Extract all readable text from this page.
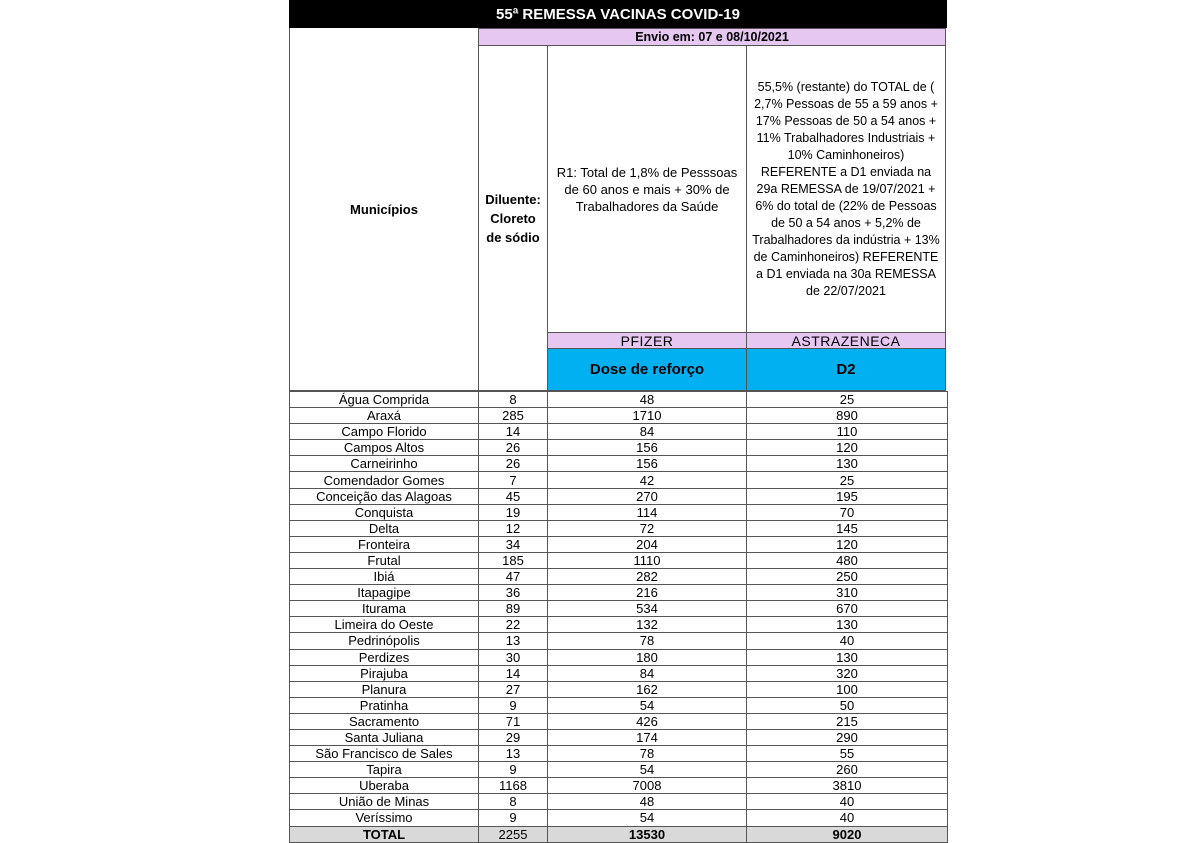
55ª REMESSA VACINAS COVID-19
Envio em: 07 e 08/10/2021
Municípios
Diluente:
Cloreto
de sódio
R1: Total de 1,8% de Pesssoas de 60 anos e mais + 30% de Trabalhadores da Saúde
55,5% (restante) do TOTAL de ( 2,7% Pessoas de 55 a 59 anos + 17% Pessoas de 50 a 54 anos + 11% Trabalhadores Industriais + 10% Caminhoneiros) REFERENTE a D1 enviada na 29a REMESSA de 19/07/2021 + 6% do total de (22% de Pessoas de 50 a 54 anos + 5,2% de Trabalhadores da indústria + 13% de Caminhoneiros) REFERENTE a D1 enviada na 30a REMESSA de 22/07/2021
PFIZER	ASTRAZENECA
Dose de reforço	D2
Água Comprida	8	48	25
Araxá	285	1710	890
Campo Florido	14	84	110
Campos Altos	26	156	120
Carneirinho	26	156	130
Comendador Gomes	7	42	25
Conceição das Alagoas	45	270	195
Conquista	19	114	70
Delta	12	72	145
Fronteira	34	204	120
Frutal	185	1110	480
Ibiá	47	282	250
Itapagipe	36	216	310
Iturama	89	534	670
Limeira do Oeste	22	132	130
Pedrinópolis	13	78	40
Perdizes	30	180	130
Pirajuba	14	84	320
Planura	27	162	100
Pratinha	9	54	50
Sacramento	71	426	215
Santa Juliana	29	174	290
São Francisco de Sales	13	78	55
Tapira	9	54	260
Uberaba	1168	7008	3810
União de Minas	8	48	40
Veríssimo	9	54	40
TOTAL	2255	13530	9020
